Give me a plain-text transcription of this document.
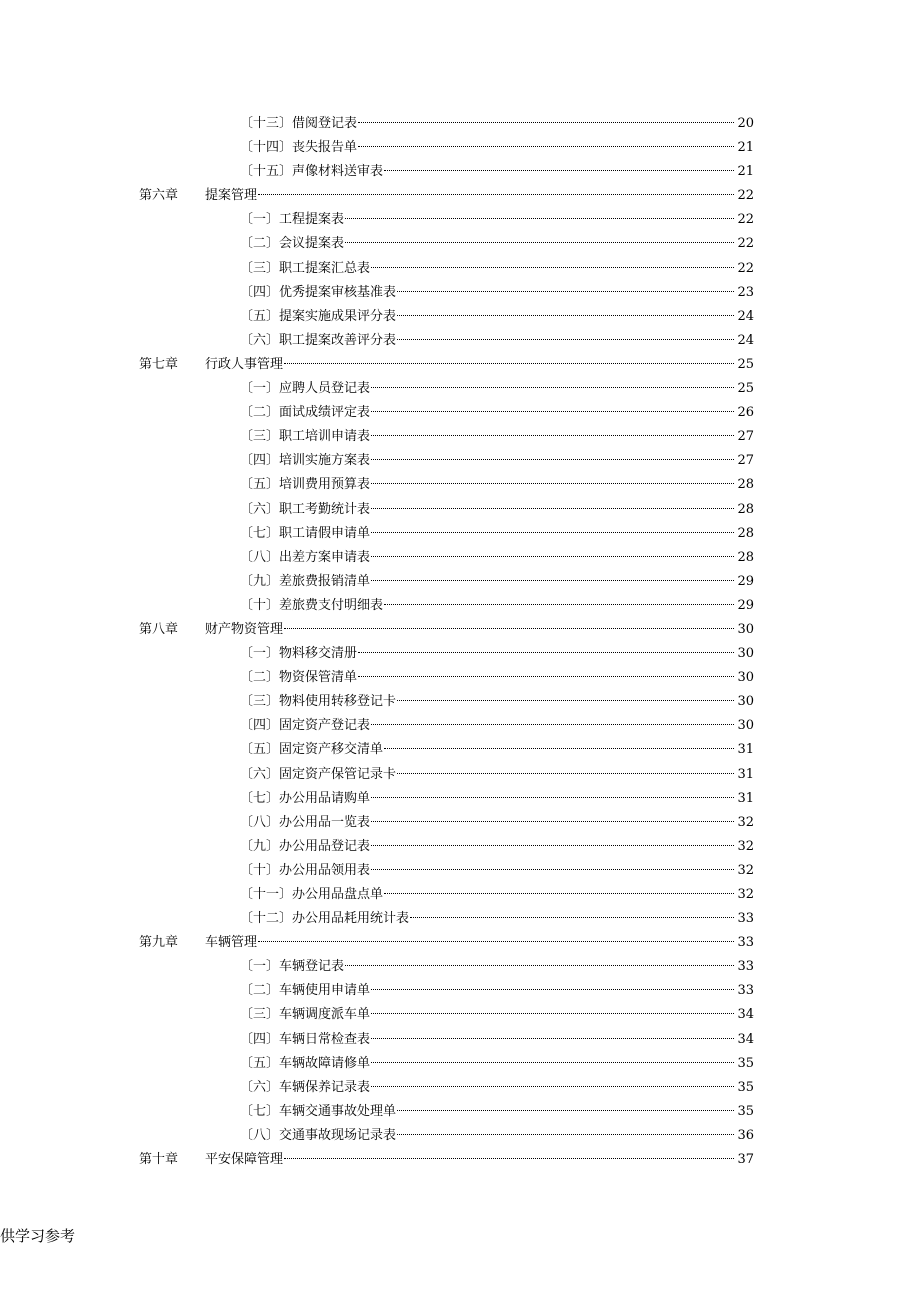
〔十三〕借阅登记表	20
〔十四〕丧失报告单	21
〔十五〕声像材料送审表	21
第六章	提案管理	22
〔一〕工程提案表	22
〔二〕会议提案表	22
〔三〕职工提案汇总表	22
〔四〕优秀提案审核基准表	23
〔五〕提案实施成果评分表	24
〔六〕职工提案改善评分表	24
第七章	行政人事管理	25
〔一〕应聘人员登记表	25
〔二〕面试成绩评定表	26
〔三〕职工培训申请表	27
〔四〕培训实施方案表	27
〔五〕培训费用预算表	28
〔六〕职工考勤统计表	28
〔七〕职工请假申请单	28
〔八〕出差方案申请表	28
〔九〕差旅费报销清单	29
〔十〕差旅费支付明细表	29
第八章	财产物资管理	30
〔一〕物料移交清册	30
〔二〕物资保管清单	30
〔三〕物料使用转移登记卡	30
〔四〕固定资产登记表	30
〔五〕固定资产移交清单	31
〔六〕固定资产保管记录卡	31
〔七〕办公用品请购单	31
〔八〕办公用品一览表	32
〔九〕办公用品登记表	32
〔十〕办公用品领用表	32
〔十一〕办公用品盘点单	32
〔十二〕办公用品耗用统计表	33
第九章	车辆管理	33
〔一〕车辆登记表	33
〔二〕车辆使用申请单	33
〔三〕车辆调度派车单	34
〔四〕车辆日常检查表	34
〔五〕车辆故障请修单	35
〔六〕车辆保养记录表	35
〔七〕车辆交通事故处理单	35
〔八〕交通事故现场记录表	36
第十章	平安保障管理	37
供学习参考
